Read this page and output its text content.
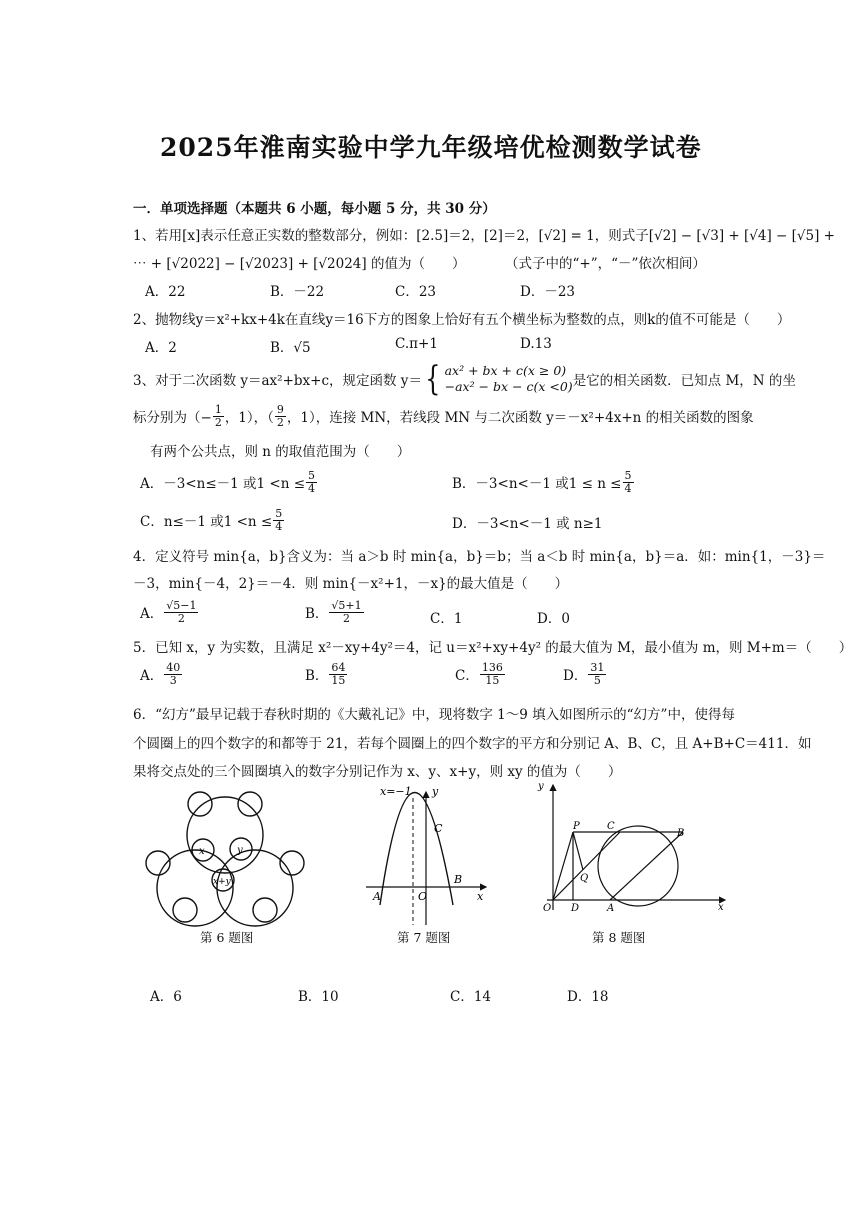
2025年淮南实验中学九年级培优检测数学试卷
一．单项选择题（本题共 6 小题，每小题 5 分，共 30 分）
1、若用[x]表示任意正实数的整数部分，例如：[2.5]＝2，[2]＝2，[√2] = 1，则式子[√2] − [√3] + [√4] − [√5] +
⋯ + [√2022] − [√2023] + [√2024] 的值为（　　）	（式子中的“+”，“－”依次相间）
A．22	B．－22	C．23	D．－23
2、抛物线y＝x²+kx+4k在直线y＝16下方的图象上恰好有五个横坐标为整数的点，则k的值不可能是（　　）
A．2	B．√5	C.π+1	D.13
3、对于二次函数 y＝ax²+bx+c，规定函数 y＝ { ax² + bx + c(x ≥ 0)
−ax² − bx − c(x <0) 是它的相关函数．已知点 M，N 的坐
标分别为（− $\frac{1}{2}$ ，1），（ $\frac{9}{2}$ ，1），连接 MN，若线段 MN 与二次函数 y＝－x²+4x+n 的相关函数的图象
有两个公共点，则 n 的取值范围为（　　）
A．－3<n≤－1 或$1 <n \le \frac{5}{4}$	B．－3<n<－1 或$1 \le n \le \frac{5}{4}$
C．n≤－1 或$1 <n \le \frac{5}{4}$	D．－3<n<－1 或 n≥1
4．定义符号 min{a，b}含义为：当 a＞b 时 min{a，b}＝b；当 a＜b 时 min{a，b}＝a．如：min{1，－3}＝
－3，min{－4，2}＝－4．则 min{－x²+1，－x}的最大值是（　　）
A． $\frac{√5-1}{2}$	B． $\frac{√5+1}{2}$	C．1	D．0
5．已知 x，y 为实数，且满足 x²－xy+4y²＝4，记 u＝x²+xy+4y² 的最大值为 M，最小值为 m，则 M+m＝（　　）
A． $\frac{40}{3}$	B． $\frac{64}{15}$	C． $\frac{136}{15}$	D． $\frac{31}{5}$
6．“幻方”最早记载于春秋时期的《大戴礼记》中，现将数字 1～9 填入如图所示的“幻方”中，使得每
个圆圈上的四个数字的和都等于 21，若每个圆圈上的四个数字的平方和分别记 A、B、C，且 A+B+C＝411．如
果将交点处的三个圆圈填入的数字分别记作为 x、y、x+y，则 xy 的值为（　　）
x	y
x+y
第 6 题图
x=−1 y
C
A	O
B
x
第 7 题图
y
P	C
B
Q
O D	A	x
第 8 题图
A．6	B．10	C．14	D．18
